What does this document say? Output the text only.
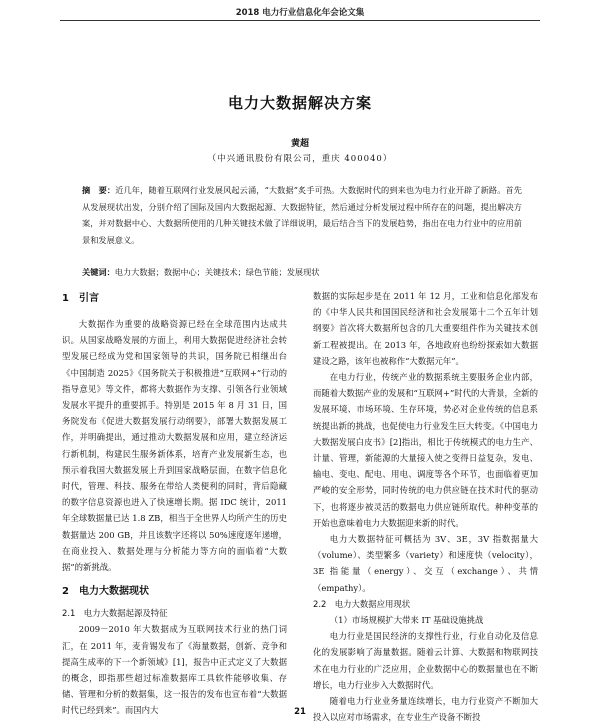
2018 电力行业信息化年会论文集
电力大数据解决方案
黄超
（中兴通讯股份有限公司，重庆 400040）
摘　要：近几年，随着互联网行业发展风起云涌，“大数据”炙手可热。大数据时代的到来也为电力行业开辟了新路。首先从发展现状出发，分别介绍了国际及国内大数据起源、大数据特征，然后通过分析发展过程中所存在的问题，提出解决方案，并对数据中心、大数据所使用的几种关键技术做了详细说明，最后结合当下的发展趋势，指出在电力行业中的应用前景和发展意义。
关键词：电力大数据；数据中心；关键技术；绿色节能；发展现状
1　引言

大数据作为重要的战略资源已经在全球范围内达成共识。从国家战略发展的方面上，利用大数据促进经济社会转型发展已经成为党和国家领导的共识，国务院已相继出台《中国制造 2025》《国务院关于积极推进“互联网+”行动的指导意见》等文件，都将大数据作为支撑、引领各行业领域发展水平提升的重要抓手。特别是 2015 年 8 月 31 日，国务院发布《促进大数据发展行动纲要》，部署大数据发展工作，并明确提出，通过推动大数据发展和应用，建立经济运行新机制，构建民生服务新体系，培育产业发展新生态，也预示着我国大数据发展上升到国家战略层面，在数字信息化时代，管理、科技、服务在带给人类便利的同时，背后隐藏的数字信息资源也进入了快速增长期。据 IDC 统计，2011 年全球数据量已达 1.8 ZB，相当于全世界人均所产生的历史数据量达 200 GB，并且该数字还将以 50%速度逐年递增，在商业投入、数据处理与分析能力等方向的面临着“大数据”的新挑战。

2　电力大数据现状
2.1　电力大数据起源及特征

2009－2010 年大数据成为互联网技术行业的热门词汇，在 2011 年，麦肯锡发布了《海量数据，创新、竞争和提高生成率的下一个新领域》[1]，报告中正式定义了大数据的概念，即指那些超过标准数据库工具软件能够收集、存储、管理和分析的数据集，这一报告的发布也宣布着“大数据时代已经到来”。而国内大

数据的实际起步是在 2011 年 12 月，工业和信息化部发布的《中华人民共和国国民经济和社会发展第十二个五年计划纲要》首次将大数据所包含的几大重要组件作为关键技术创新工程被提出。在 2013 年，各地政府也纷纷探索如大数据建设之路，该年也被称作“大数据元年”。

在电力行业，传统产业的数据系统主要服务企业内部，而随着大数据产业的发展和“互联网+”时代的大背景，全新的发展环境、市场环境、生存环境，势必对企业传统的信息系统提出新的挑战，也促使电力行业发生巨大转变。《中国电力大数据发展白皮书》[2]指出，相比于传统模式的电力生产、计量、管理，新能源的大量接入使之变得日益复杂，发电、输电、变电、配电、用电、调度等各个环节，也面临着更加严峻的安全形势，同时传统的电力供应链在技术时代的驱动下，也将逐步被灵活的数据电力供应链所取代。种种变革的开始也意味着电力大数据迎来新的时代。

电力大数据特征可概括为 3V、3E，3V 指数据量大（volume）、类型繁多（variety）和速度快（velocity），3E 指能量（energy）、交互（exchange）、共情（empathy）。

2.2　电力大数据应用现状
（1）市场规模扩大带来 IT 基础设施挑战

电力行业是国民经济的支撑性行业，行业自动化及信息化的发展影响了海量数据。随着云计算、大数据和物联网技术在电力行业的广泛应用，企业数据中心的数据量也在不断增长，电力行业步入大数据时代。

随着电力行业业务量连续增长，电力行业资产不断加大投入以应对市场需求，在专业生产设备不断投

21
